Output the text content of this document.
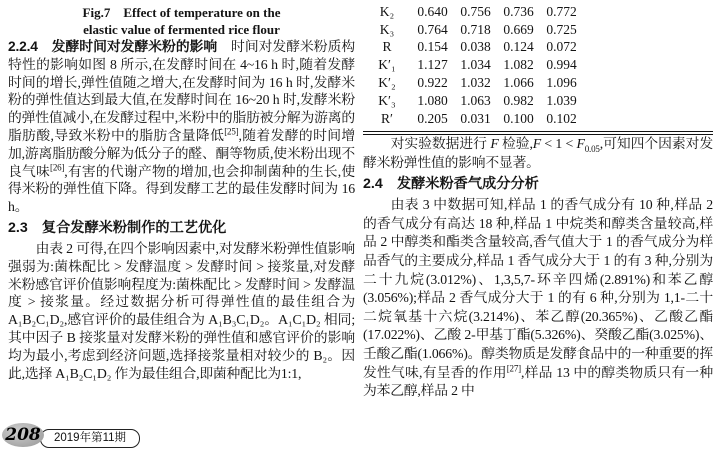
Fig.7　Effect of temperature on the
elastic value of fermented rice flour

2.2.4　发酵时间对发酵米粉的影响　时间对发酵米粉质构特性的影响如图 8 所示,在发酵时间在 4~16 h 时,随着发酵时间的增长,弹性值随之增大,在发酵时间为 16 h 时,发酵米粉的弹性值达到最大值,在发酵时间在 16~20 h 时,发酵米粉的弹性值减小,在发酵过程中,米粉中的脂肪被分解为游离的脂肪酸,导致米粉中的脂肪含量降低[25],随着发酵的时间增加,游离脂肪酸分解为低分子的醛、酮等物质,使米粉出现不良气味[26],有害的代谢产物的增加,也会抑制菌种的生长,使得米粉的弹性值下降。得到发酵工艺的最佳发酵时间为 16 h。

2.3　复合发酵米粉制作的工艺优化

由表 2 可得,在四个影响因素中,对发酵米粉弹性值影响强弱为:菌株配比 > 发酵温度 > 发酵时间 > 接浆量,对发酵米粉感官评价值影响程度为:菌株配比 > 发酵时间 > 发酵温度 > 接浆量。经过数据分析可得弹性值的最佳组合为 A₁B₂C₁D₂,感官评价的最佳组合为 A₁B₃C₁D₂。A₁C₁D₂ 相同;其中因子 B 接浆量对发酵米粉的弹性值和感官评价的影响均为最小,考虑到经济问题,选择接浆量相对较少的 B₂。因此,选择 A₁B₂C₁D₂ 作为最佳组合,即菌种配比为1:1,

K₂	0.640 0.756 0.736 0.772
K₃	0.764 0.718 0.669 0.725
R	0.154 0.038 0.124 0.072
K′₁	1.127 1.034 1.082 0.994
K′₂	0.922 1.032 1.066 1.096
K′₃	1.080 1.063 0.982 1.039
R′	0.205 0.031 0.100 0.102

对实验数据进行 F 检验$,F < 1 < F_{0.05}$,可知四个因素对发酵米粉弹性值的影响不显著。

2.4　发酵米粉香气成分分析

由表 3 中数据可知,样品 1 的香气成分有 10 种,样品 2 的香气成分有高达 18 种,样品 1 中烷类和醇类含量较高,样品 2 中醇类和酯类含量较高,香气值大于 1 的香气成分为样品香气的主要成分,样品 1 香气成分大于 1 的有 3 种,分别为二十九烷(3.012%)、1,3,5,7-环辛四烯(2.891%)和苯乙醇(3.056%);样品 2 香气成分大于 1 的有 6 种,分别为 1,1-二十二烷氧基十六烷(3.214%)、苯乙醇(20.365%)、乙酸乙酯(17.022%)、乙酸 2-甲基丁酯(5.326%)、癸酸乙酯(3.025%)、壬酸乙酯(1.066%)。醇类物质是发酵食品中的一种重要的挥发性气味,有呈香的作用[27],样品 13 中的醇类物质只有一种为苯乙醇,样品 2 中

2019年第11期
208
